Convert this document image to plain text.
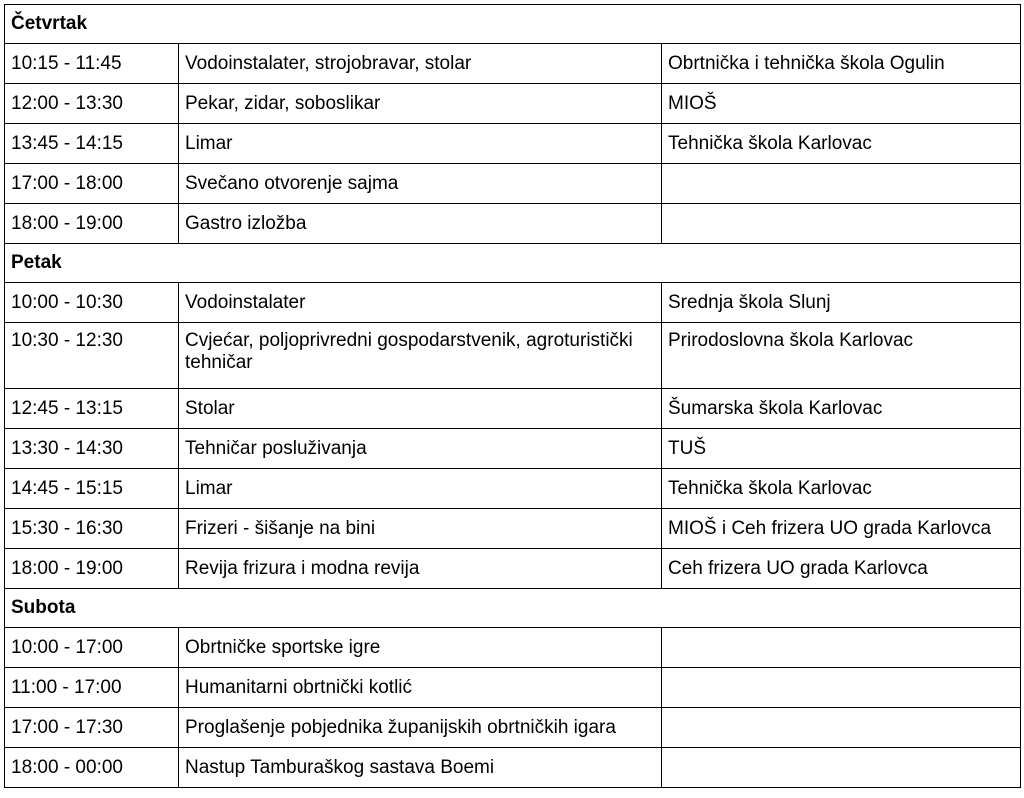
Četvrtak		
10:15 - 11:45	Vodoinstalater, strojobravar, stolar	Obrtnička i tehnička škola Ogulin
12:00 - 13:30	Pekar, zidar, soboslikar	MIOŠ
13:45 - 14:15	Limar	Tehnička škola Karlovac
17:00 - 18:00	Svečano otvorenje sajma	
18:00 - 19:00	Gastro izložba	
Petak		
10:00 - 10:30	Vodoinstalater	Srednja škola Slunj
10:30 - 12:30	Cvjećar, poljoprivredni gospodarstvenik, agroturistički tehničar	Prirodoslovna škola Karlovac
12:45 - 13:15	Stolar	Šumarska škola Karlovac
13:30 - 14:30	Tehničar posluživanja	TUŠ
14:45 - 15:15	Limar	Tehnička škola Karlovac
15:30 - 16:30	Frizeri - šišanje na bini	MIOŠ i Ceh frizera UO grada Karlovca
18:00 - 19:00	Revija frizura i modna revija	Ceh frizera UO grada Karlovca
Subota		
10:00 - 17:00	Obrtničke sportske igre	
11:00 - 17:00	Humanitarni obrtnički kotlić	
17:00 - 17:30	Proglašenje pobjednika županijskih obrtničkih igara	
18:00 - 00:00	Nastup Tamburaškog sastava Boemi	
